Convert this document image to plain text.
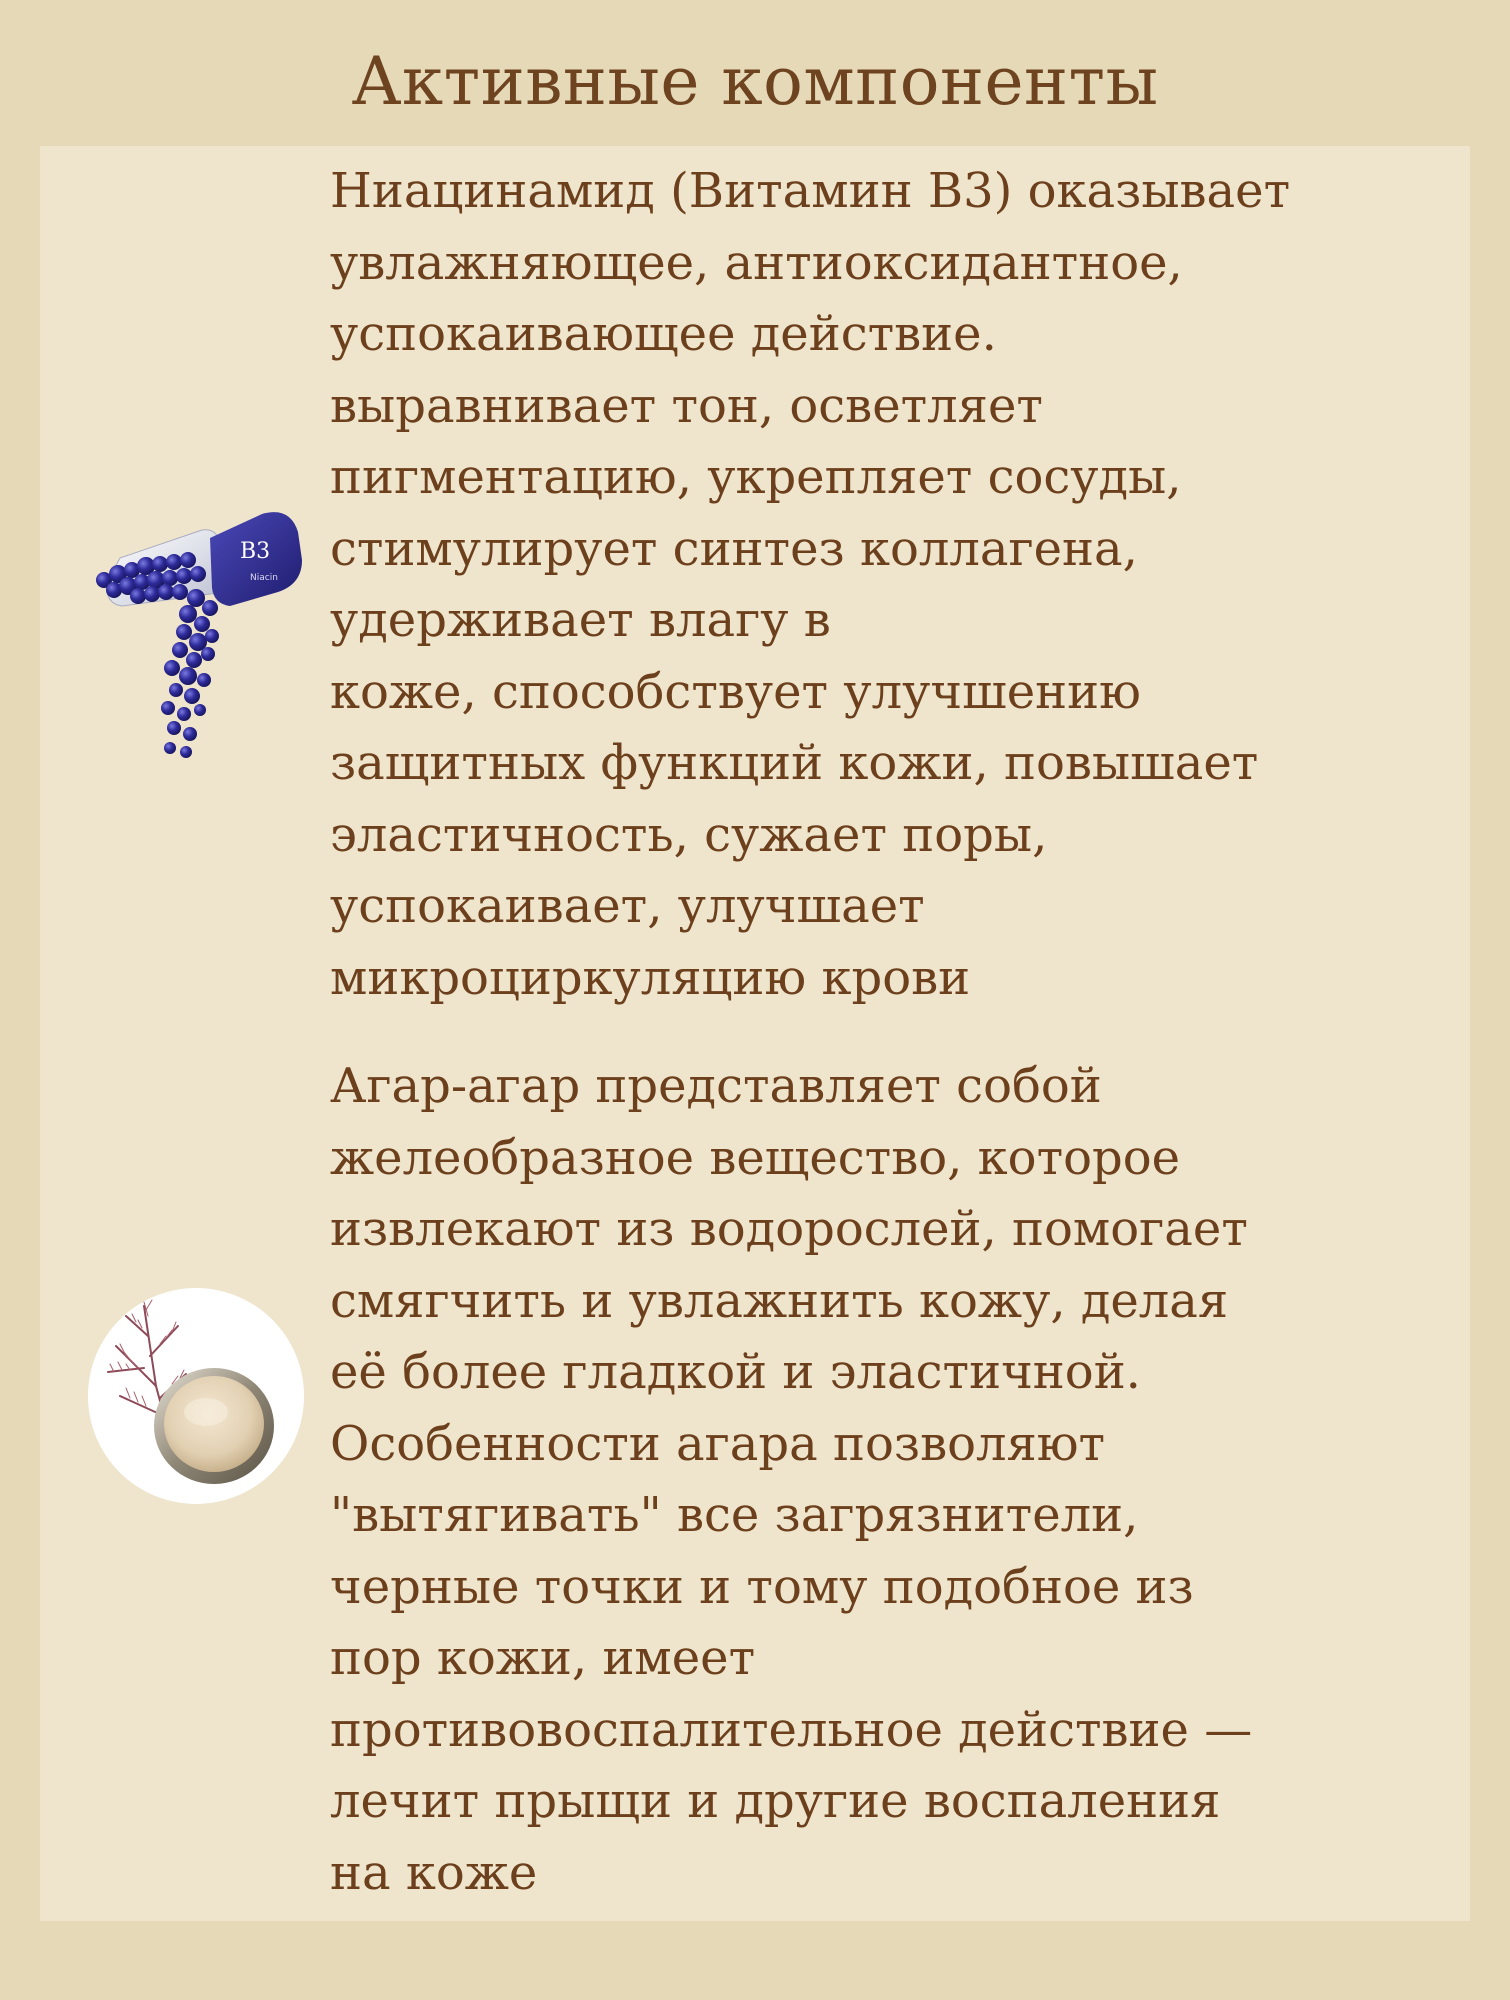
Активные компоненты
B3
Niacin

Ниацинамид (Витамин В3) оказывает
увлажняющее, антиоксидантное,
успокаивающее действие.
выравнивает тон, осветляет
пигментацию, укрепляет сосуды,
стимулирует синтез коллагена,
удерживает влагу в
коже, способствует улучшению
защитных функций кожи, повышает
эластичность, сужает поры,
успокаивает, улучшает
микроциркуляцию крови

Агар-агар представляет собой
желеобразное вещество, которое
извлекают из водорослей, помогает
смягчить и увлажнить кожу, делая
её более гладкой и эластичной.
Особенности агара позволяют
"вытягивать" все загрязнители,
черные точки и тому подобное из
пор кожи, имеет
противовоспалительное действие —
лечит прыщи и другие воспаления
на коже
